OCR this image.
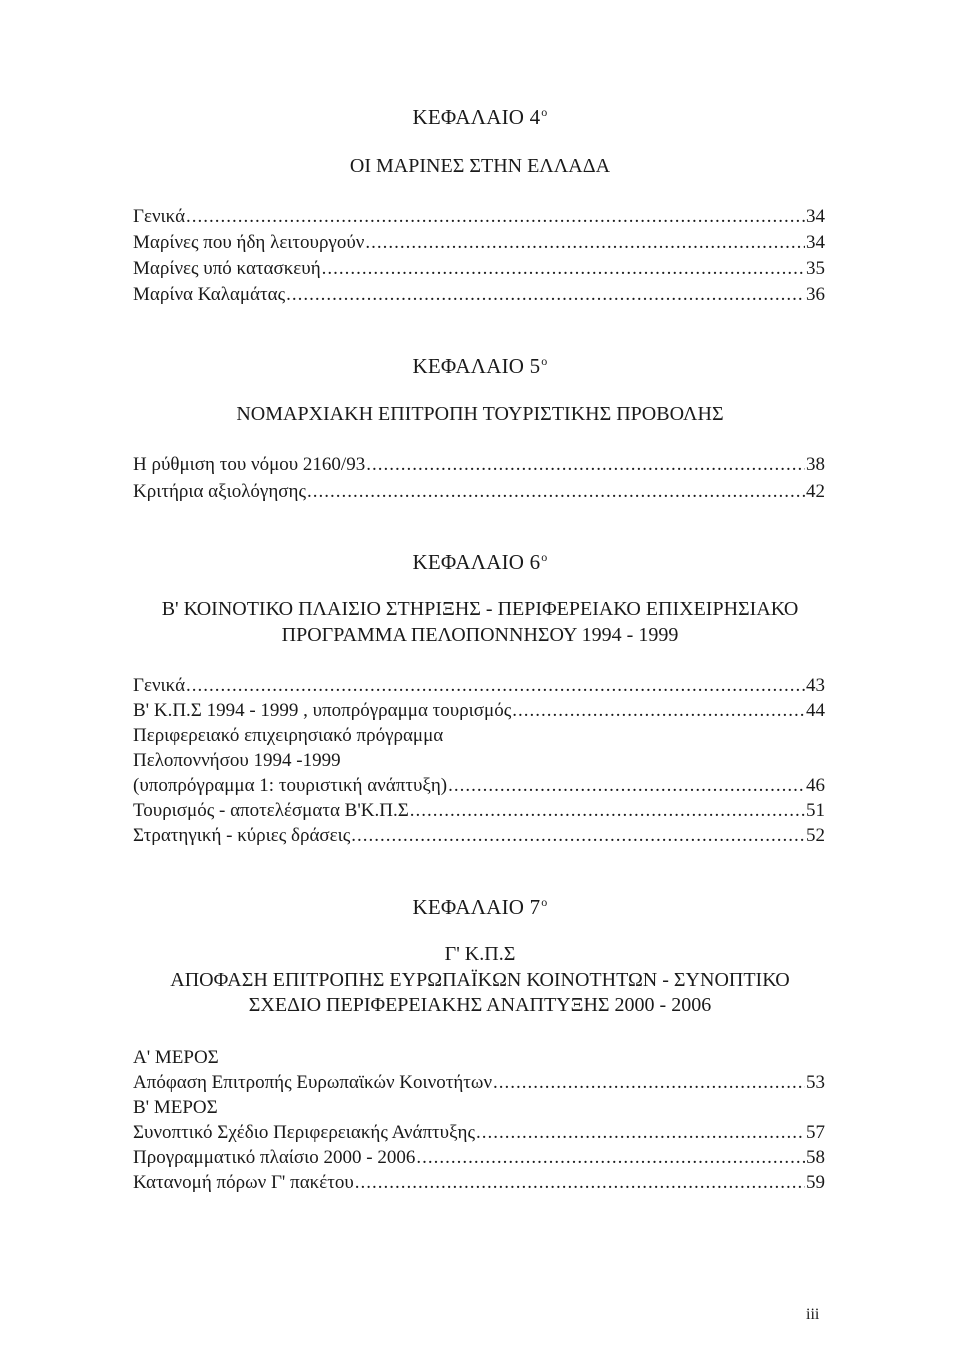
ΚΕΦΑΛΑΙΟ $4^o$
ΟΙ ΜΑΡΙΝΕΣ ΣΤΗΝ ΕΛΛΑΔΑ
Γενικά .....	34
Μαρίνες που ήδη λειτουργούν .....	34
Μαρίνες υπό κατασκευή .....	35
Μαρίνα Καλαμάτας .....	36
ΚΕΦΑΛΑΙΟ $5^o$
ΝΟΜΑΡΧΙΑΚΗ ΕΠΙΤΡΟΠΗ ΤΟΥΡΙΣΤΙΚΗΣ ΠΡΟΒΟΛΗΣ
Η ρύθμιση του νόμου 2160/93 .....	38
Κριτήρια αξιολόγησης .....	42
ΚΕΦΑΛΑΙΟ $6^o$
Β' ΚΟΙΝΟΤΙΚΟ ΠΛΑΙΣΙΟ ΣΤΗΡΙΞΗΣ - ΠΕΡΙΦΕΡΕΙΑΚΟ ΕΠΙΧΕΙΡΗΣΙΑΚΟ
ΠΡΟΓΡΑΜΜΑ ΠΕΛΟΠΟΝΝΗΣΟΥ 1994 - 1999
Γενικά .....	43
Β' Κ.Π.Σ 1994 - 1999 , υποπρόγραμμα τουρισμός .....	44
Περιφερειακό επιχειρησιακό πρόγραμμα
Πελοποννήσου 1994 -1999
(υποπρόγραμμα 1: τουριστική ανάπτυξη) .....	46
Τουρισμός - αποτελέσματα Β'Κ.Π.Σ .....	51
Στρατηγική - κύριες δράσεις .....	52
ΚΕΦΑΛΑΙΟ $7^o$
Γ' Κ.Π.Σ
ΑΠΟΦΑΣΗ ΕΠΙΤΡΟΠΗΣ ΕΥΡΩΠΑΪΚΩΝ ΚΟΙΝΟΤΗΤΩΝ - ΣΥΝΟΠΤΙΚΟ
ΣΧΕΔΙΟ ΠΕΡΙΦΕΡΕΙΑΚΗΣ ΑΝΑΠΤΥΞΗΣ 2000 - 2006
Α' ΜΕΡΟΣ
Απόφαση Επιτροπής Ευρωπαϊκών Κοινοτήτων .....	53
Β' ΜΕΡΟΣ
Συνοπτικό Σχέδιο Περιφερειακής Ανάπτυξης .....	57
Προγραμματικό πλαίσιο 2000 - 2006 .....	58
Κατανομή πόρων Γ' πακέτου .....	59
iii
